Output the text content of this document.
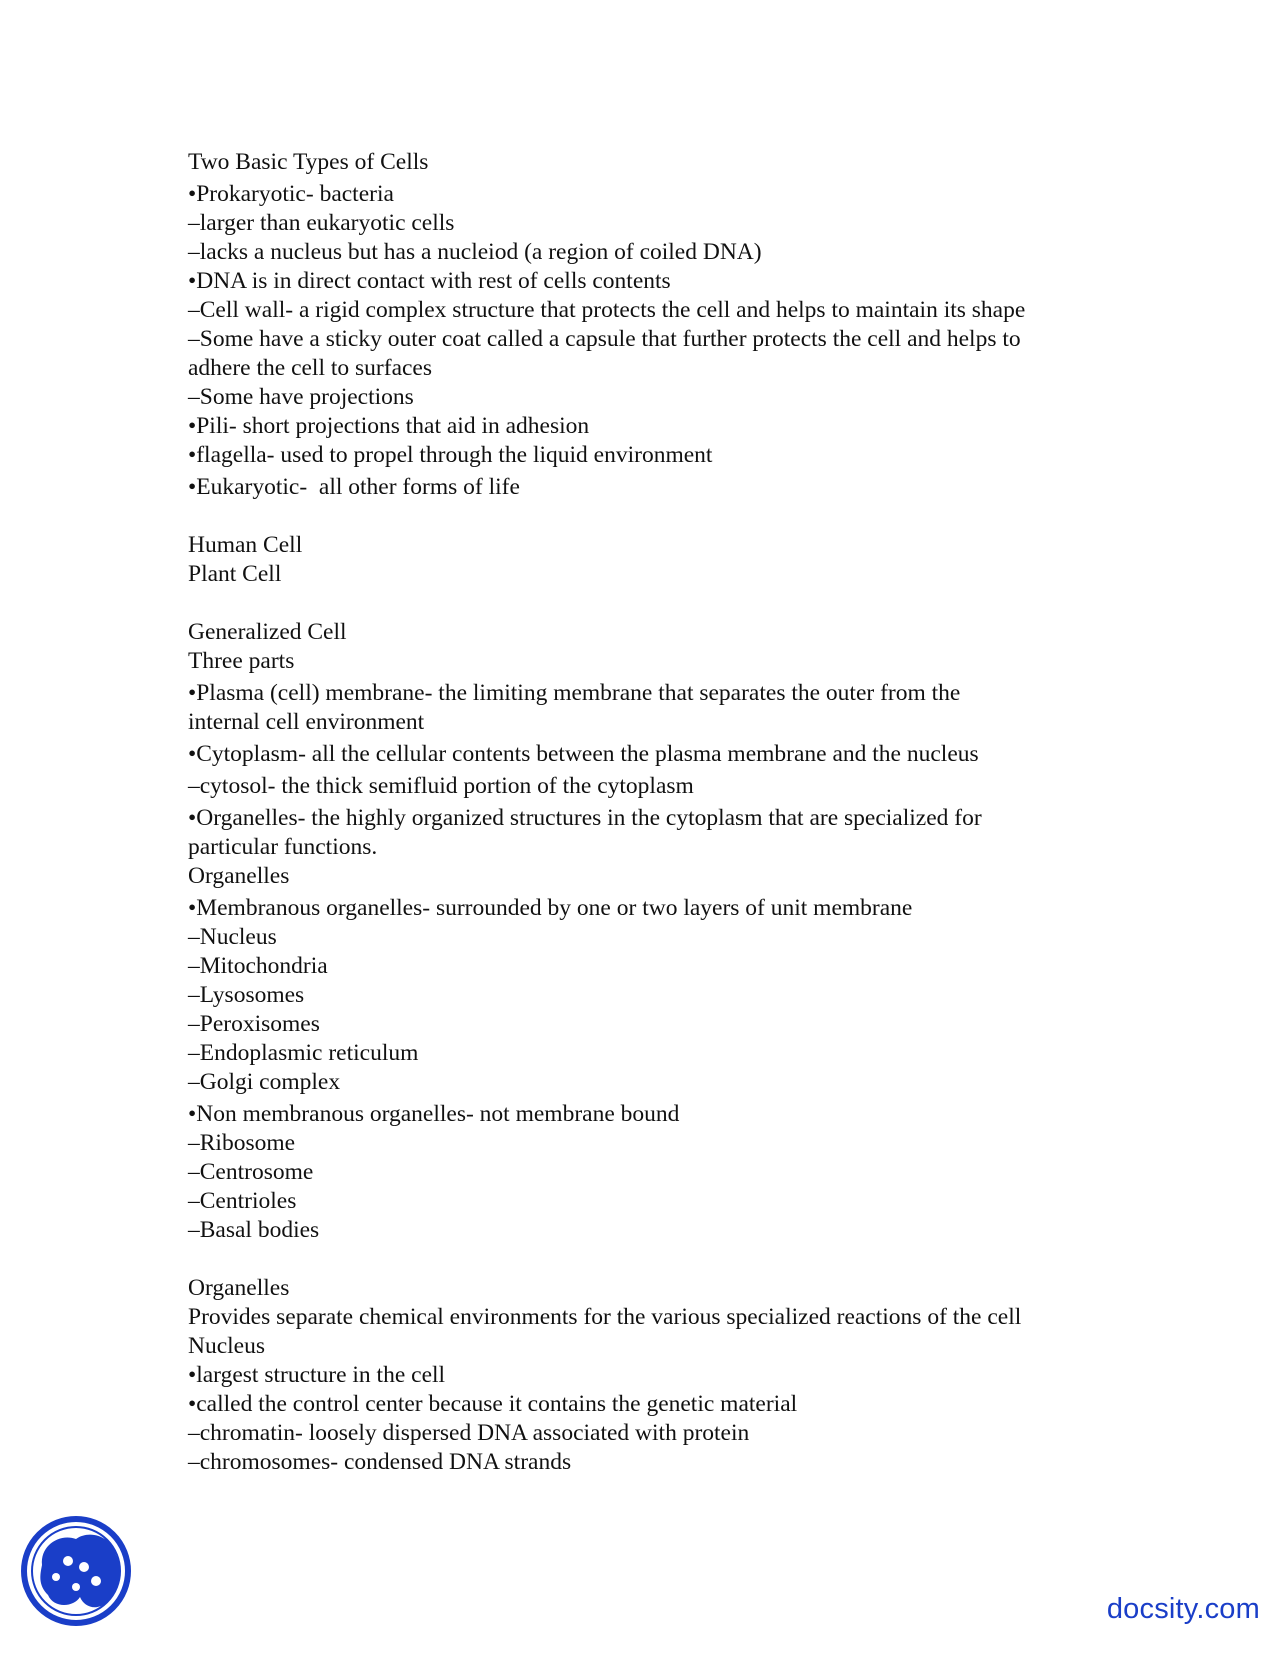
Two Basic Types of Cells
•Prokaryotic- bacteria
–larger than eukaryotic cells
–lacks a nucleus but has a nucleiod (a region of coiled DNA)
•DNA is in direct contact with rest of cells contents
–Cell wall- a rigid complex structure that protects the cell and helps to maintain its shape
–Some have a sticky outer coat called a capsule that further protects the cell and helps to adhere the cell to surfaces
–Some have projections
•Pili- short projections that aid in adhesion
•flagella- used to propel through the liquid environment
•Eukaryotic-  all other forms of life
Human Cell
Plant Cell
Generalized Cell
Three parts
•Plasma (cell) membrane- the limiting membrane that separates the outer from the internal cell environment
•Cytoplasm- all the cellular contents between the plasma membrane and the nucleus
–cytosol- the thick semifluid portion of the cytoplasm
•Organelles- the highly organized structures in the cytoplasm that are specialized for particular functions.
Organelles
•Membranous organelles- surrounded by one or two layers of unit membrane
–Nucleus
–Mitochondria
–Lysosomes
–Peroxisomes
–Endoplasmic reticulum
–Golgi complex
•Non membranous organelles- not membrane bound
–Ribosome
–Centrosome
–Centrioles
–Basal bodies
Organelles
Provides separate chemical environments for the various specialized reactions of the cell
Nucleus
•largest structure in the cell
•called the control center because it contains the genetic material
–chromatin- loosely dispersed DNA associated with protein
–chromosomes- condensed DNA strands
docsity.com
